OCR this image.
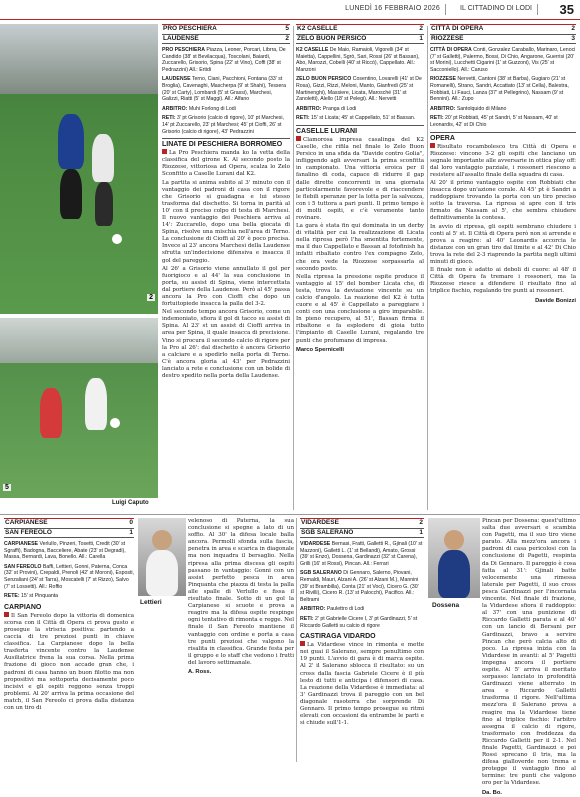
LUNEDÌ 16 FEBBRAIO 2026	IL CITTADINO DI LODI 35
2
5
Luigi Caputo
PRO PESCHIERA	5
LAUDENSE	2
PRO PESCHIERA Piazza, Leoner, Porcari, Librra, De Candido (38' st Bevilacqua), Toscolani, Baiardi, Zuccarello, Grisorio, Spina (22' st Vino), Coffi (38' st Pedrazzini) All.: Ertidi
LAUDENSE Terno, Ciani, Pacchioni, Fontana (33' st Broglia), Cavenaghi, Mascherpa (9' st Shahi), Tessera (20' st Carty), Lombardi (5' st Grassi), Marchesi, Galizzi, Riatti (5' st Maggi). All.: Alfano
ARBITRO: Muhi Forlong di Lodi
RETI: 3' pt Grisorio (calcio di rigore), 10' pt Marchesi, 14' pt Zuccarello, 23' pt Marchesi; 45' pt Cioffi, 26' st Grisorio (calcio di rigore), 43' Pedrazzini
LINATE DI PESCHIERA BORROMEO

La Pro Peschiera manda ko la vetta della classifica del girone K. Al secondo posto la Riozzese, vittoriosa ad Opera, scalza lo Zelo Sconfitto a Caselle Lurani dal K2.

La partita si anima subito al 3' minuto con il vantaggio dei padroni di casa con il rigore che Grisorio si guadagna e lui stesso trasforma dal dischetto. Si torna in parità al 10' con il preciso colpo di testa di Marchesi. Il nuovo vantaggio dei Peschiera arriva al 14': Zuccarello, dopo una bella giocata di Spina, risolve una mischia nell'area di Terno. La conclusione di Cioffi al 20' è poco precisa. Invece al 23' ancora Marchesi della Laudense sfrutta un'indecisione difensiva e insacca il gol del pareggio.

Al 26' a Grisorio viene annullato il gol per fuorigioco e al 44' la sua conclusione in porta, su assist di Spina, viene intercettata dal portiere della Laudense. Però al 45' passa ancora la Pro con Cioffi che dopo un fortuitopiede insacca la palla del 3-2.

Nel secondo tempo ancora Grisorio, come un indemoniato, sfiora il gol di tacco su assist di Spina. Al 23' st un assist di Cioffi arriva in area per Spina, il quale insacca di precisione. Vino si procura il secondo calcio di rigore per la Pro al 26': dal dischetto è ancora Grisorio a calciare e a spedirlo nella porta di Terno. C'è ancora gloria al 43' per Pedrazzini lanciato a rete e conclusione con un bolide di destro spedito nella porta della Laudense.

K2 CASELLE	2
ZELO BUON PERSICO	1
K2 CASELLE De Maio, Ramaioli, Vigorelli (34' st Maietta), Cappellini, Sgrò, Sari, Rossi (26' st Bassan), Abo, Marozzi, Cobelli (40' st Riccò), Cappellato. All.: Manzoni
ZELO BUON PERSICO Cosentino, Lovarelli (41' st De Rosa), Gizzi, Rizzi, Meloni, Manto, Gianfredi (25' st Martinenghi), Massiere, Licata, Marosché (31' st Zanoletti), Alello (18' st Pelegi). All.: Nervetti
ARBITRO: Pranga di Lodi
RETI: 15' st Licata; 45' st Cappellato, 51' st Bassan.
CASELLE LURANI

Clamorosa impresa casalinga del K2 Caselle, che rifila nel finale lo Zelo Buon Persico in una sfida da "Davide contro Golia", infliggendo agli avversari la prima sconfitta in campionato. Una vittoria eroica per il fanalino di coda, capace di ridurre il gap dalle dirette concorrenti in una giornata particolarmente favorevole e di riaccendere le flebili speranze per la lotta per la salvezza, con i 5 tuttora a pari punti. Il primo tempo è di molti ospiti, e c'è veramente tanto rovinare.

La gara è stata fin qui dominata in un derby di vitalità per cui la realizzazione di Licata nella ripresa però l'ha smentita fortemente, ma il duo Cappellato e Bassan al fotofinish ha infatti ribaltato contro l'ex compagno Zelo, che ora vede la Riozzese sorpassarla al secondo posto.

Nella ripresa la pressione ospite produce il vantaggio al 15' del bomber Licata che, di testa, trova la deviazione vincente su un calcio d'angolo. La reazione del K2 è tutta cuore e al 45' è Cappellato a pareggiare i conti con una conclusione a giro imparabile. In pieno recupero, al 51', Bassan firma il ribaltone e fa esplodere di gioia tutto l'impianto di Caselle Lurani, regalando tre punti che profumano di impresa.

Marco Spernicelli
CITTÀ DI OPERA	2
RIOZZESE	3
CITTÀ DI OPERA Conti, Gonzalez Caraballo, Marinaro, Lenoci (7' st Galletti), Palermo, Bossi, Di Chio, Angarone, Guerrisi (20' st Morini), Lucchetti Cigarini (1' st Guzzoni), Vis (25' st Sacconiello). All.: Caruso
RIOZZESE Nervetti, Cantoni (38' st Barba), Gugiaro (21' st Romanelli), Strano, Sandri, Accattato (13' st Cella), Balestra, Robbiati, Li Fauci, Lanza (37' st Pellegrino), Nassam (9' st Bennini). All.: Zupo
ARBITRO: Santolquido di Milano
RETI: 20' pt Robbiati, 45' pt Sandri, 5' st Nassam, 40' st Leonardis, 42' st Di Chio
OPERA

Risultato rocambolesco tra Città di Opera e Riozzese: vincono 3-2 gli ospiti che lanciano un segnale importante alle avversarie in ottica play off: dal loro vantaggio parziale, i rossoneri riescono a resistere all'assalto finale della squadra di casa.

Al 20' il primo vantaggio ospite con Robbiati che insacca dopo un'azione corale. Al 45' pt è Sandri a raddoppiare trovando la porta con un tiro preciso sotto la traversa. La ripresa si apre con il tris firmato da Nassam al 5', che sembra chiudere definitivamente la contesa.

In avvio di ripresa, gli ospiti sembrano chiudere i conti al 5' st. Il Città di Opera però non si arrende e prova a reagire: al 40' Leonardis accorcia le distanze con un gran tiro dal limite e al 42' Di Chio trova la rete del 2-3 riaprendo la partita negli ultimi minuti di gioco.

Il finale non è adatto ai deboli di cuore: al 48' il Città di Opera fa tremare i rossoneri, ma la Riozzese riesce a difendere il risultato fino al triplice fischio, regalando tre punti ai rossoneri.

Davide Bonizzi
CARPIANESE	0
SAN FEREOLO	1
CARPIANESE Verlullo, Pinzeri, Tosetti, Credit (30' st Sgraffi), Badogna, Bacceliere, Abate (23' st Degradi), Massa, Bernardi, Lava, Bonello. All.: Carella
SAN FEREOLO Baffi, Lettieri, Gonni, Paterna, Conca (32' st Provini), Crepaldi, Prenoli (42' st Moroni), Esposti, Senzaliani (24' st Tarra), Moscatelli (7' st Rizzo), Salvo (7' st Lossetti). All.: Roffio
RETE: 15' st Pinquanta
CARPIANO

Il San Fereolo dopo la vittoria di domenica scorsa con il Città di Opera ci prova gusto e prosegue la striscia positiva: partendo a caccia di tre preziosi punti in chiave classifica. La Carpianese dopo la bella trasferta vincente contro la Laudense Ausiliatrice frena la sua corsa. Nella prima frazione di gioco non accade gran che, i padroni di casa hanno un buon filotto ma non propositivi ma sottoporta decisamente poco incisivi e gli ospiti reggono senza troppi problemi. Al 20' arriva la prima occasione del match, il San Fereolo ci prova dalla distanza con un tiro di

Lettieri

velenoso di Paterna, la sua conclusione si spegne a lato di un soffio. Al 30' la difesa locale balla ancora. Permolli sfonda sulla fascia, penetra in area e scarica in diagonale ma non inquadra il bersaglio. Nella ripresa alla prima discesa gli ospiti passano in vantaggio: Gonni con un assist perfetto pesca in area Pinquanta che piazza di testa la palla alle spalle di Verlullo e fissa il risultato finale. Sotto di un gol la Carpianese si scuote e prova a reagire ma la difesa ospite respinge ogni tentativo di rimonta e regge. Nel finale il San Fereolo mantiene il vantaggio con ordine e porta a casa tre punti preziosi che valgono la risalita in classifica. Grande festa per il gruppo e lo staff che vedono i frutti del lavoro settimanale.

A. Ross.
VIDARDESE	2
SGB SALERANO	1
VIDARDESE Bernasi, Fratti, Galletti R., Gjinali (10' st Mazzoni), Galletti L. (1' st Bellandi), Amato, Grossi (39' st Enzo), Dossena, Gardinazzi (32' st Carena), Grilli (16' st Rossi), Pincan. All.: Ferrari
SGB SALERANO Di Gennaro, Salerno, Piovani, Remaldi, Mauri, Alzani A. (26' st Alzani M.), Mannini (39' st Brambilla), Conta (21' st Voci), Cicero G. (30' st Rivilli), Cicero R. (13' st Palocchi), Pacifico. All.: Beltrami
ARBITRO: Paulettro di Lodi
RETI: 2' pt Gabrielle Cicere I, 3' pt Gardinazzi, 5' st Riccardo Galletti su calcio di rigore
CASTIRAGA VIDARDO

La Vidardese vince in rimonta e mette nei guai il Salerano, sempre penultimo con 19 punti. L'avvio di gara è di marca ospite. Al 2' il Salerano sblocca il risultato: su un cross dalla fascia Gabriele Cicere è il più lesto di tutti e anticipa i difensori di casa. La reazione della Vidardese è immediata: al 3' Gardinazzi trova il pareggio con un bel diagonale rasoterra che sorprende Di Gennaro. Il primo tempo prosegue su ritmi elevati con occasioni da entrambe le parti e si chiude sull'1-1.

Dossena

Pincan per Dossena: quest'ultimo salta due avversari e scambia con Pagetti, ma il suo tiro viene parato. Alla mezz'ora ancora i padroni di casa pericolosi con la conclusione di Pagetti, respinta da Di Gennaro. Il pareggio è cosa fatta al 31': Gjinali batte velocemente una rimessa laterale per Pagetti, il suo cross pesca Gardinazzi per l'incornata vincente. Nel finale di frazione, la Vidardese sfiora il raddoppio: al 37' con una punizione di Riccardo Galletti parata e al 40' con un lancio di Bersani per Gardinazzi, bravo a servire Pincan che però calcia alto di poco. La ripresa inizia con la Vidardese in avanti: al 5' Pagetti impegna ancora il portiere ospite. Al 5' arriva il meritato sorpasso: lanciato in profondità Gardinazzi viene atterrato in area e Riccardo Galletti trasforma il rigore. Nell'ultima mezz'ora il Salerano prova a reagire ma la Vidardese tiene fino al triplice fischio: l'arbitro assegna il calcio di rigore, trasformato con freddezza da Riccardo Galletti per il 2-1. Nel finale Pagetti, Gardinazzi e poi Rossi sprecano il tris, ma la difesa gialloverde non trema e protegge il vantaggio fino al termine: tre punti che valgono oro per la Vidardese.

Da. Bo.
